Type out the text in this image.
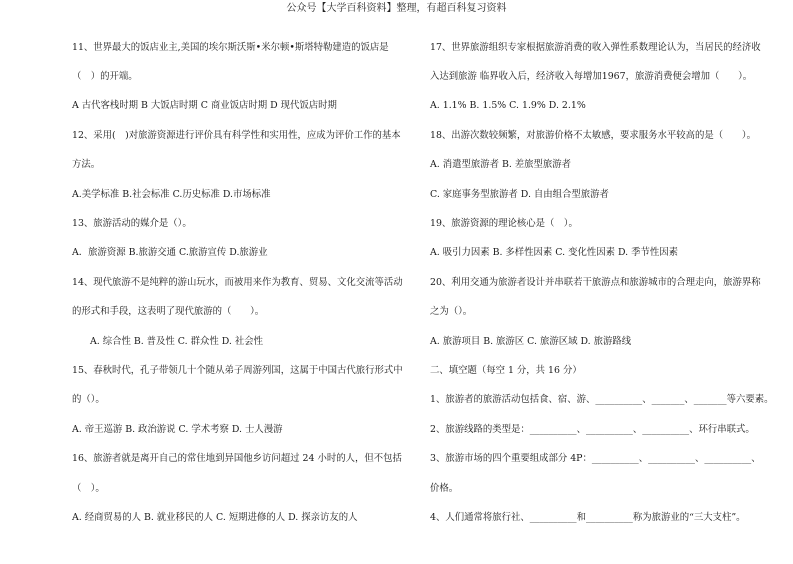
公众号【大学百科资料】整理，有超百科复习资料
11、世界最大的饭店业主,美国的埃尔斯沃斯•米尔顿•斯塔特勒建造的饭店是
（　）的开端。
A 古代客栈时期 B 大饭店时期 C 商业饭店时期 D 现代饭店时期
12、采用(　)对旅游资源进行评价具有科学性和实用性，应成为评价工作的基本
方法。
A.美学标准 B.社会标准 C.历史标准 D.市场标准
13、旅游活动的媒介是（）。
A．旅游资源 B.旅游交通 C.旅游宣传 D.旅游业
14、现代旅游不是纯粹的游山玩水，而被用来作为教育、贸易、文化交流等活动
的形式和手段，这表明了现代旅游的（　　）。
A. 综合性 B. 普及性 C. 群众性 D. 社会性
15、春秋时代，孔子带领几十个随从弟子周游列国，这属于中国古代旅行形式中
的（）。
A. 帝王巡游 B. 政治游说 C. 学术考察 D. 士人漫游
16、旅游者就是离开自己的常住地到异国他乡访问超过 24 小时的人，但不包括
（　）。
A. 经商贸易的人 B. 就业移民的人 C. 短期进修的人 D. 探亲访友的人
17、世界旅游组织专家根据旅游消费的收入弹性系数理论认为，当居民的经济收
入达到旅游 临界收入后，经济收入每增加1967，旅游消费便会增加（　　）。
A. 1.1% B. 1.5% C. 1.9% D. 2.1%
18、出游次数较频繁，对旅游价格不太敏感，要求服务水平较高的是（　　）。
A. 消遣型旅游者 B. 差旅型旅游者
C. 家庭事务型旅游者 D. 自由组合型旅游者
19、旅游资源的理论核心是（　）。
A. 吸引力因素 B. 多样性因素 C. 变化性因素 D. 季节性因素
20、利用交通为旅游者设计并串联若干旅游点和旅游城市的合理走向，旅游界称
之为（）。
A. 旅游项目 B. 旅游区 C. 旅游区域 D. 旅游路线
二、填空题（每空 1 分，共 16 分）
1、旅游者的旅游活动包括食、宿、游、__________、_______、_______等六要素。
2、旅游线路的类型是：__________、__________、__________、环行串联式。
3、旅游市场的四个重要组成部分 4P：__________、__________、__________、
价格。
4、人们通常将旅行社、__________和__________称为旅游业的“三大支柱”。
